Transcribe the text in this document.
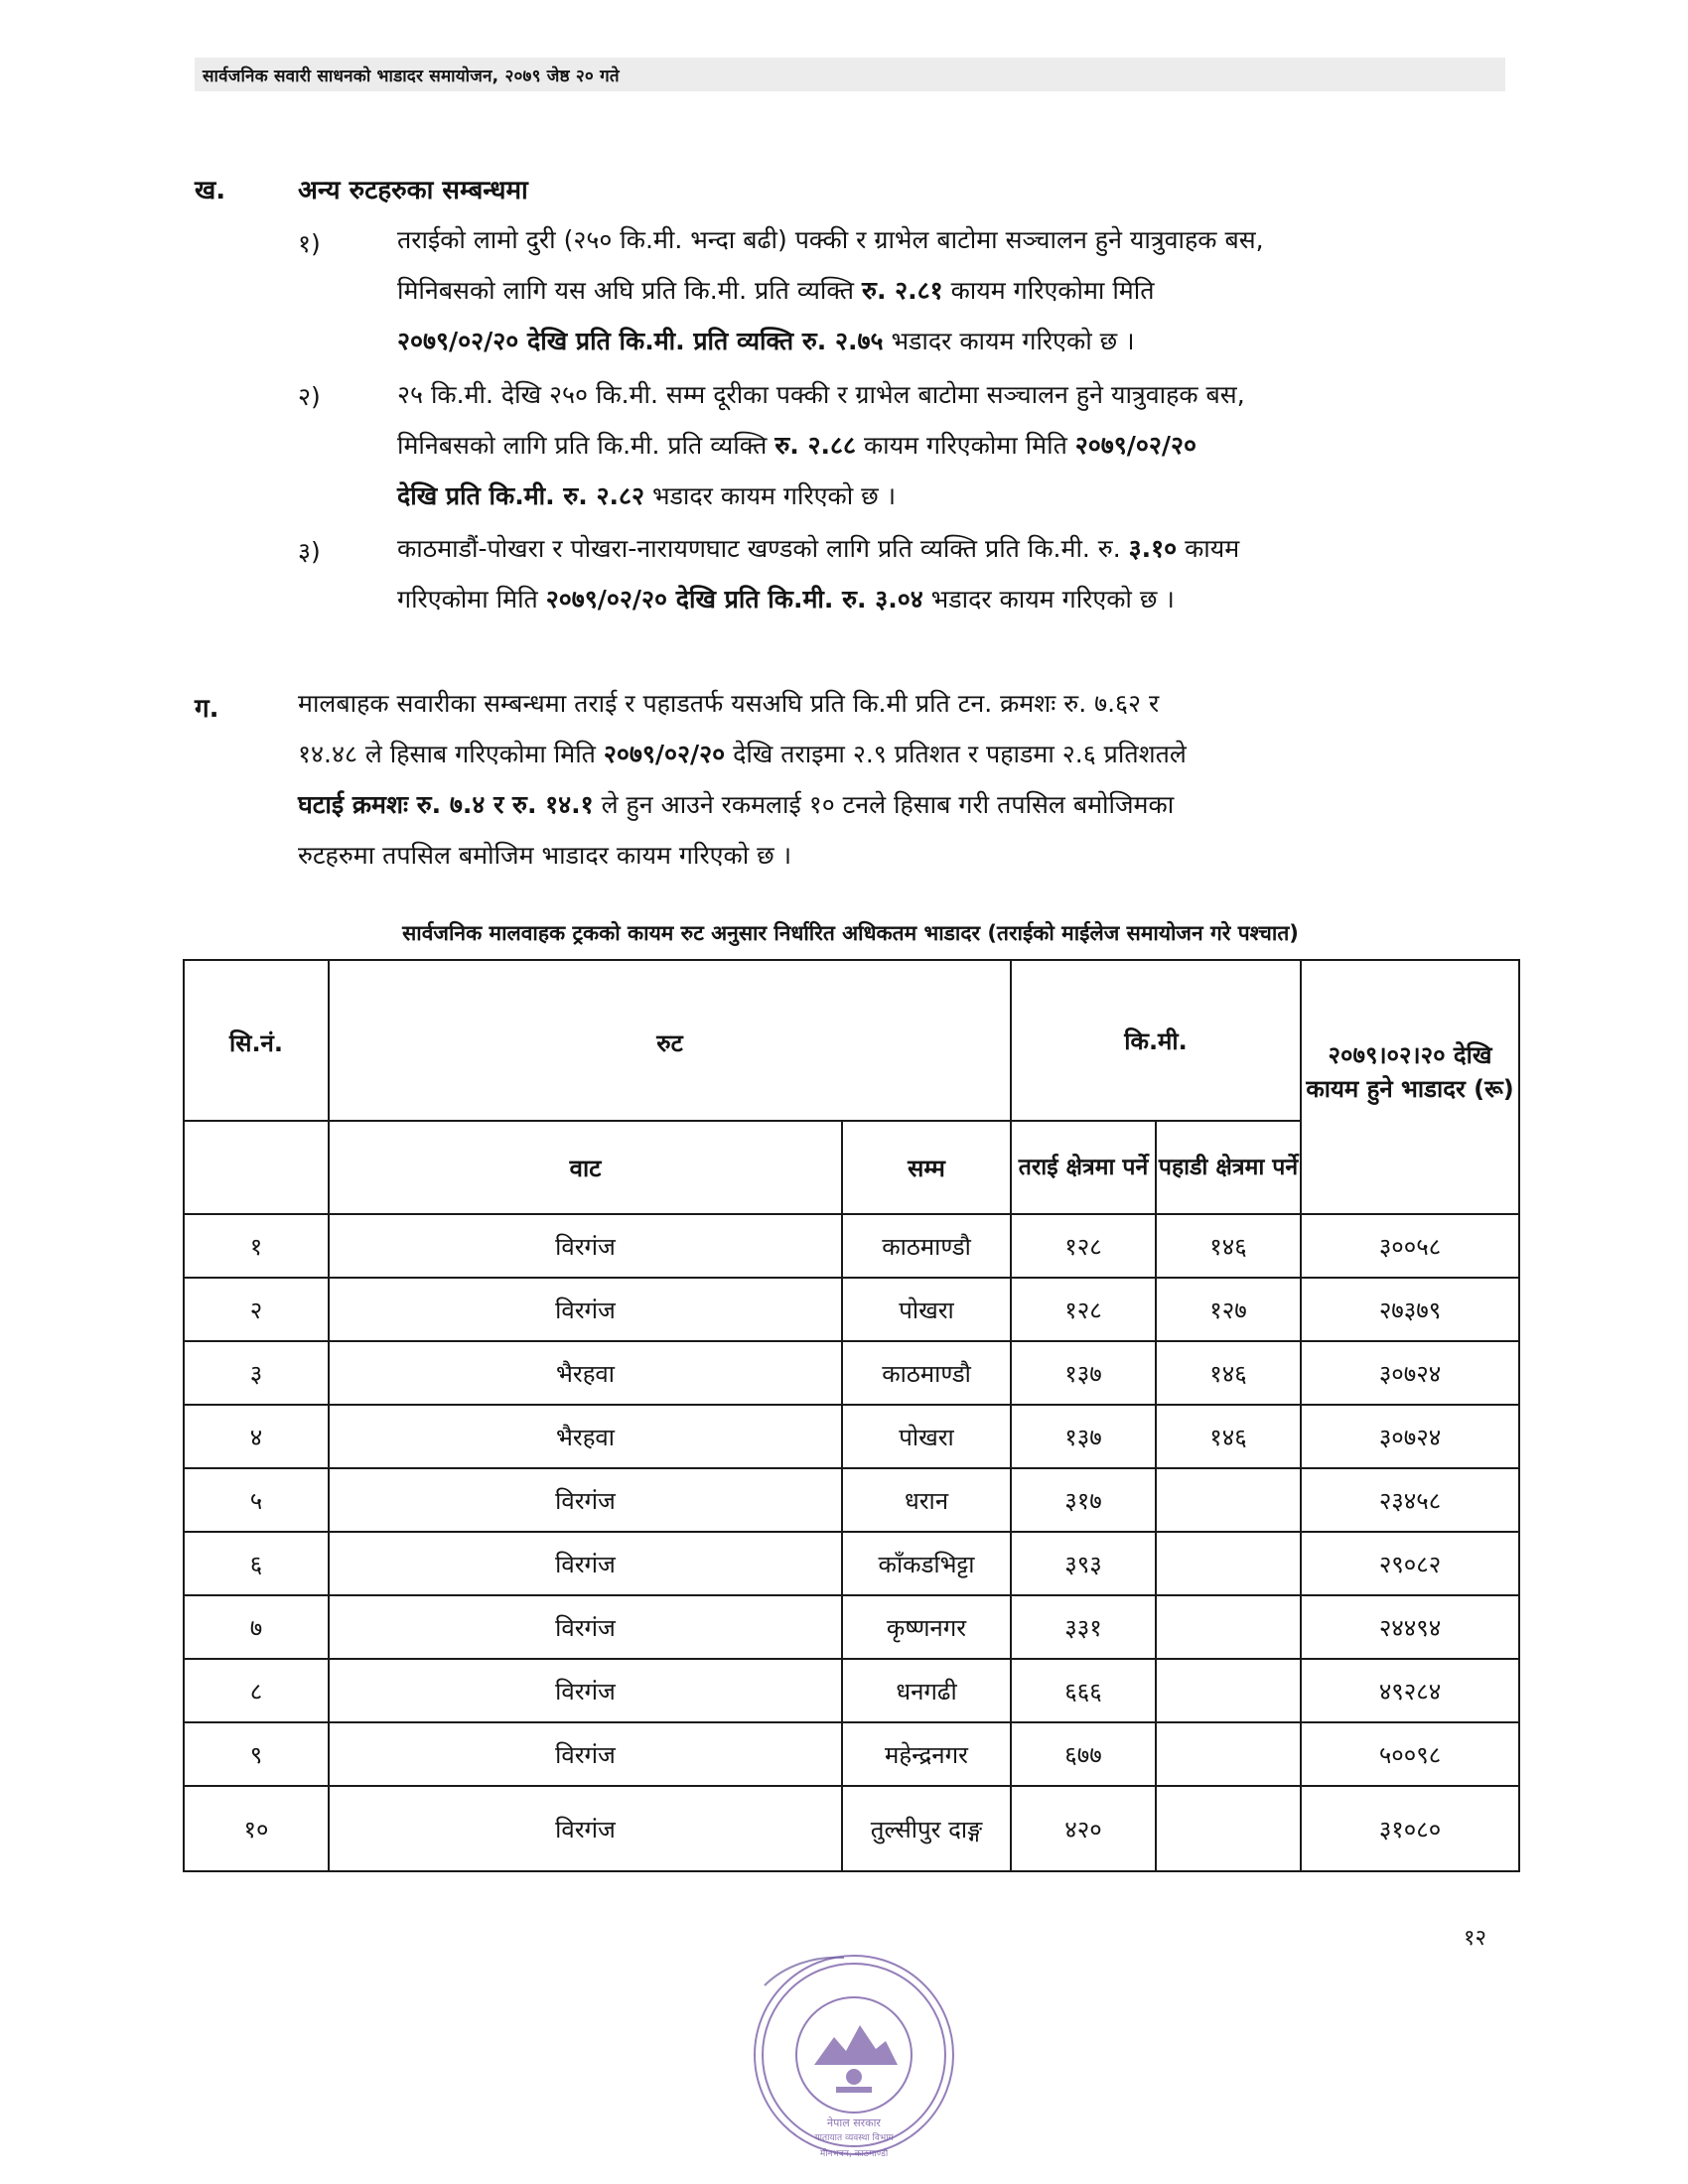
सार्वजनिक सवारी साधनको भाडादर समायोजन, २०७९ जेष्ठ २० गते
ख.	अन्य रुटहरुका सम्बन्धमा
१)	तराईको लामो दुरी (२५० कि.मी. भन्दा बढी) पक्की र ग्राभेल बाटोमा सञ्चालन हुने यात्रुवाहक बस,
मिनिबसको लागि यस अघि प्रति कि.मी. प्रति व्यक्ति रु. २.८१ कायम गरिएकोमा मिति
२०७९/०२/२० देखि प्रति कि.मी. प्रति व्यक्ति रु. २.७५ भडादर कायम गरिएको छ ।
२)	२५ कि.मी. देखि २५० कि.मी. सम्म दूरीका पक्की र ग्राभेल बाटोमा सञ्चालन हुने यात्रुवाहक बस,
मिनिबसको लागि प्रति कि.मी. प्रति व्यक्ति रु. २.८८ कायम गरिएकोमा मिति २०७९/०२/२०
देखि प्रति कि.मी. रु. २.८२ भडादर कायम गरिएको छ ।
३)	काठमाडौं-पोखरा र पोखरा-नारायणघाट खण्डको लागि प्रति व्यक्ति प्रति कि.मी. रु. ३.१० कायम
गरिएकोमा मिति २०७९/०२/२० देखि प्रति कि.मी. रु. ३.०४ भडादर कायम गरिएको छ ।
ग.	मालबाहक सवारीका सम्बन्धमा तराई र पहाडतर्फ यसअघि प्रति कि.मी प्रति टन. क्रमशः रु. ७.६२ र
१४.४८ ले हिसाब गरिएकोमा मिति २०७९/०२/२० देखि तराइमा २.९ प्रतिशत र पहाडमा २.६ प्रतिशतले
घटाई क्रमशः रु. ७.४ र रु. १४.१ ले हुन आउने रकमलाई १० टनले हिसाब गरी तपसिल बमोजिमका
रुटहरुमा तपसिल बमोजिम भाडादर कायम गरिएको छ ।
सार्वजनिक मालवाहक ट्रकको कायम रुट अनुसार निर्धारित अधिकतम भाडादर (तराईको माईलेज समायोजन गरे पश्चात)
सि.नं.	रुट		कि.मी.		२०७९।०२।२० देखि कायम हुने भाडादर (रू)
	वाट	सम्म	तराई क्षेत्रमा पर्ने	पहाडी क्षेत्रमा पर्ने	
१	विरगंज	काठमाण्डौ	१२८	१४६	३००५८
२	विरगंज	पोखरा	१२८	१२७	२७३७९
३	भैरहवा	काठमाण्डौ	१३७	१४६	३०७२४
४	भैरहवा	पोखरा	१३७	१४६	३०७२४
५	विरगंज	धरान	३१७		२३४५८
६	विरगंज	काँकडभिट्टा	३९३		२९०८२
७	विरगंज	कृष्णनगर	३३१		२४४९४
८	विरगंज	धनगढी	६६६		४९२८४
९	विरगंज	महेन्द्रनगर	६७७		५००९८
१०	विरगंज	तुल्सीपुर दाङ्ग	४२०		३१०८०
१२
नेपाल सरकार
यातायात व्यवस्था विभाग
मीनभवन, काठमाण्डौ
